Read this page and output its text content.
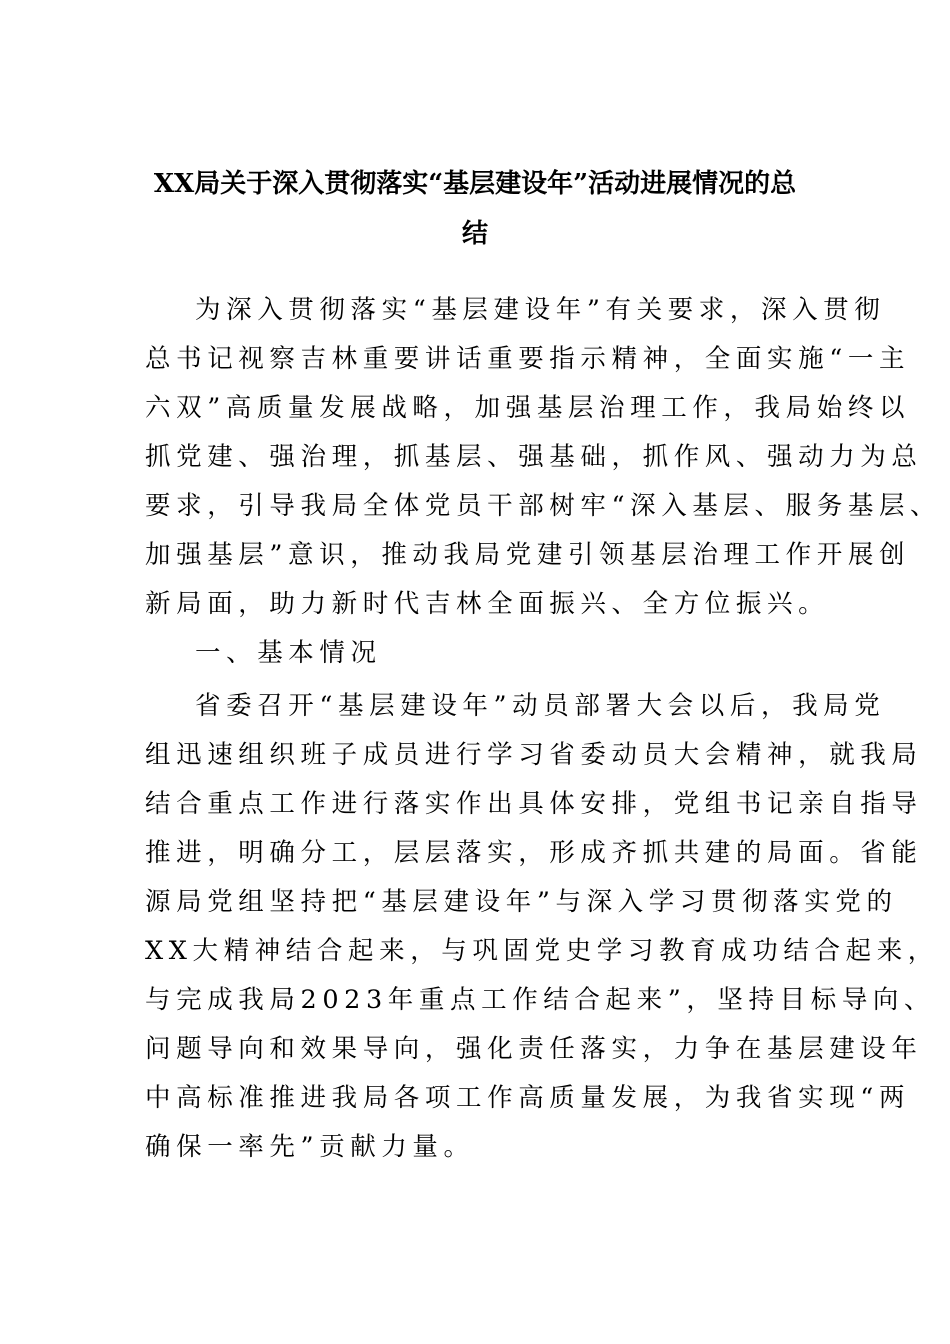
XX局关于深入贯彻落实“基层建设年”活动进展情况的总
结
为深入贯彻落实“基层建设年”有关要求，深入贯彻
总书记视察吉林重要讲话重要指示精神，全面实施“一主
六双”高质量发展战略，加强基层治理工作，我局始终以
抓党建、强治理，抓基层、强基础，抓作风、强动力为总
要求，引导我局全体党员干部树牢“深入基层、服务基层、
加强基层”意识，推动我局党建引领基层治理工作开展创
新局面，助力新时代吉林全面振兴、全方位振兴。
一、基本情况
省委召开“基层建设年”动员部署大会以后，我局党
组迅速组织班子成员进行学习省委动员大会精神，就我局
结合重点工作进行落实作出具体安排，党组书记亲自指导
推进，明确分工，层层落实，形成齐抓共建的局面。省能
源局党组坚持把“基层建设年”与深入学习贯彻落实党的
XX大精神结合起来，与巩固党史学习教育成功结合起来，
与完成我局2023年重点工作结合起来”，坚持目标导向、
问题导向和效果导向，强化责任落实，力争在基层建设年
中高标准推进我局各项工作高质量发展，为我省实现“两
确保一率先”贡献力量。
